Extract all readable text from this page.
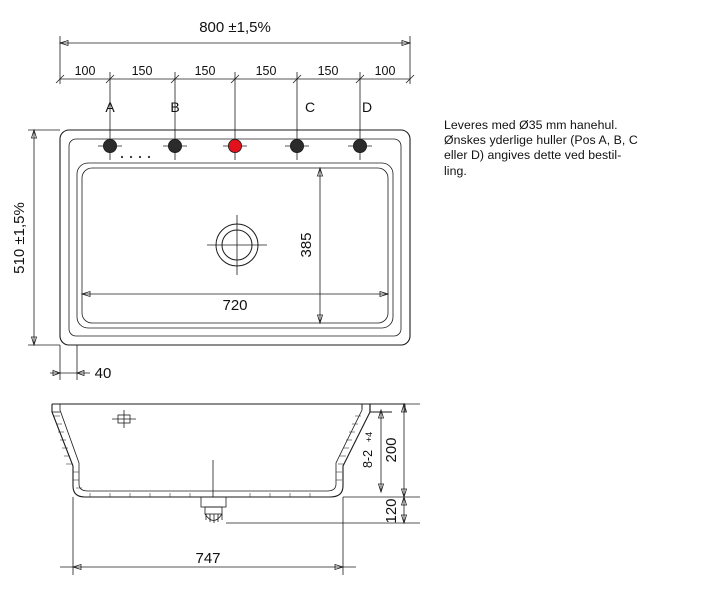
800 ±1,5%
100	150	150	150	150	100
A	B	C	D
510 ±1,5%	385
720
40
200
+4
8-2
120
747
Leveres med Ø35 mm hanehul.
Ønskes yderlige huller (Pos A, B, C
eller D) angives dette ved bestil-
ling.
